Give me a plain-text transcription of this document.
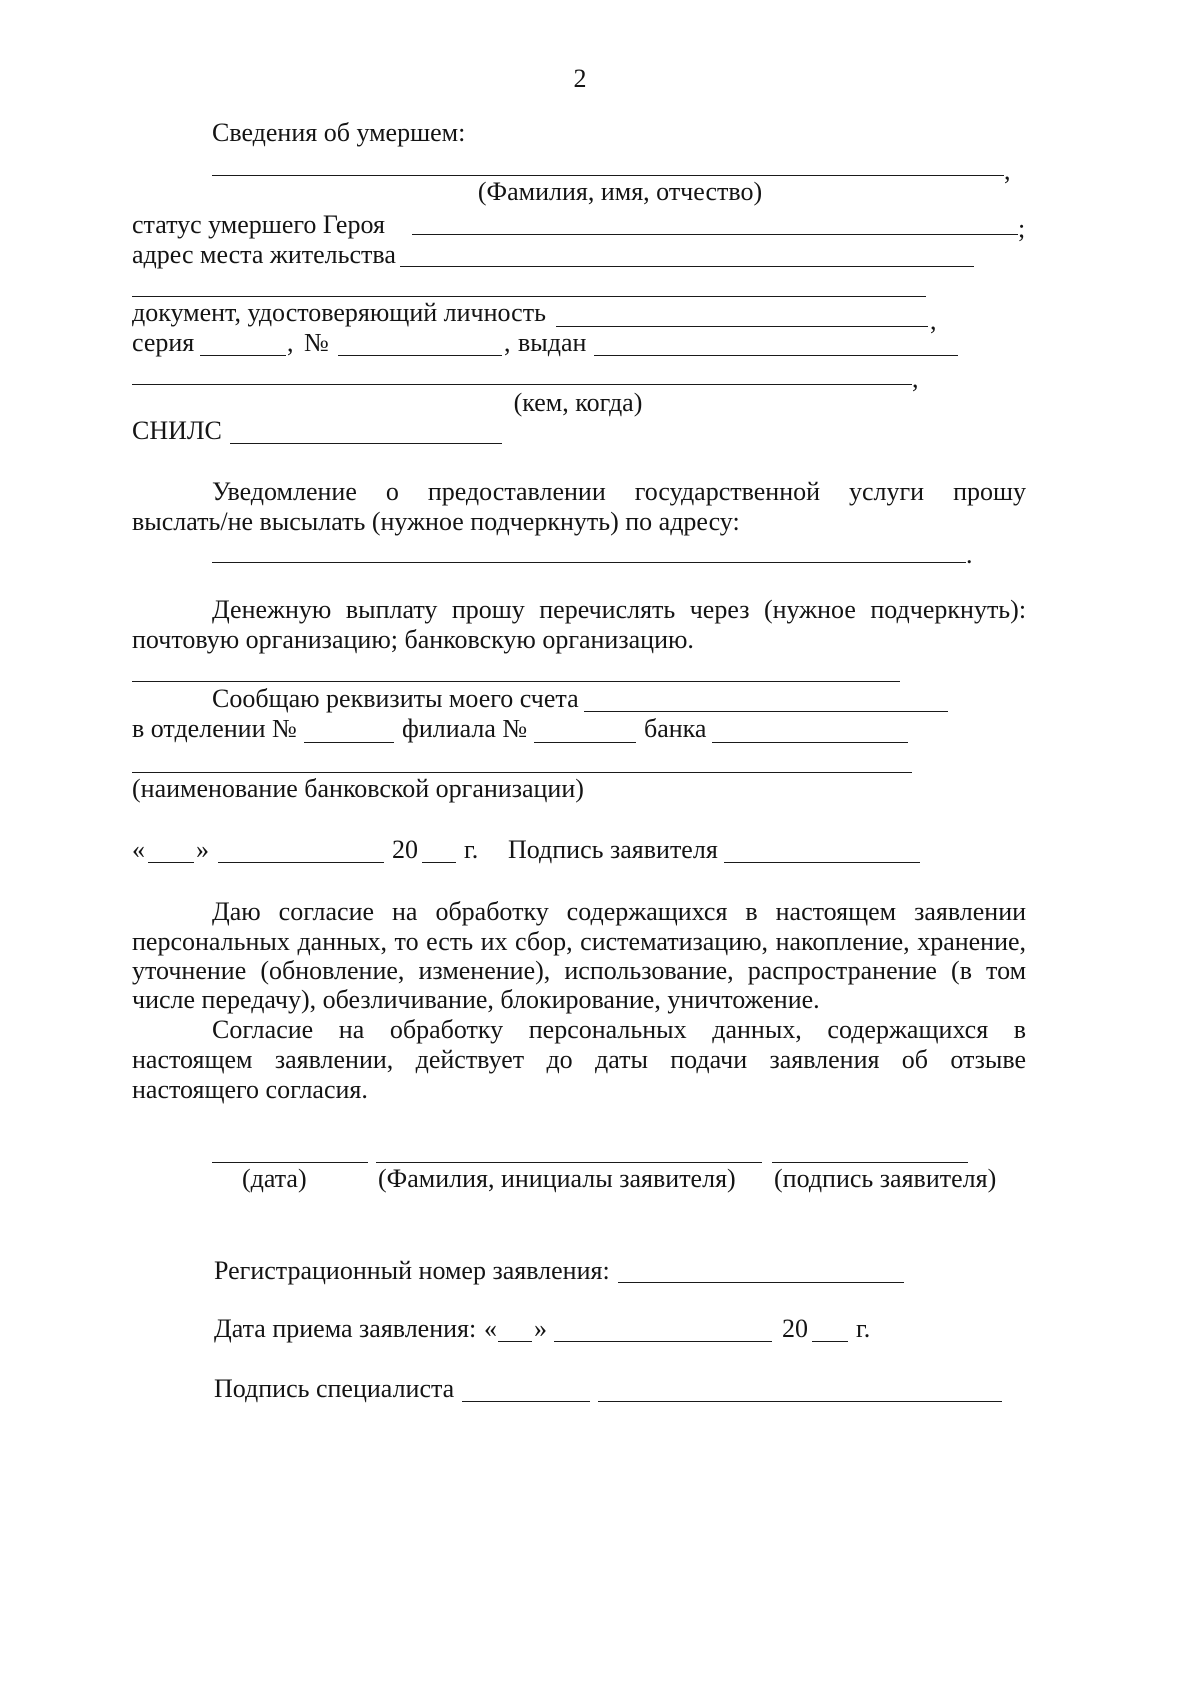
2
Сведения об умершем:
,
(Фамилия, имя, отчество)
статус умершего Героя	;
адрес места жительства
документ, удостоверяющий личность	,
серия	, №	, выдан
,
(кем, когда)
СНИЛС
Уведомление о предоставлении государственной услуги прошу
выслать/не высылать (нужное подчеркнуть) по адресу:
.
Денежную выплату прошу перечислять через (нужное подчеркнуть):
почтовую организацию; банковскую организацию.
Сообщаю реквизиты моего счета
в отделении №	филиала №	банка
(наименование банковской организации)
« »	20 г. Подпись заявителя
Даю согласие на обработку содержащихся в настоящем заявлении
персональных данных, то есть их сбор, систематизацию, накопление, хранение,
уточнение (обновление, изменение), использование, распространение (в том
числе передачу), обезличивание, блокирование, уничтожение.
Согласие на обработку персональных данных, содержащихся в
настоящем заявлении, действует до даты подачи заявления об отзыве
настоящего согласия.
(дата)	(Фамилия, инициалы заявителя) (подпись заявителя)
Регистрационный номер заявления:
Дата приема заявления: « »	20 г.
Подпись специалиста
